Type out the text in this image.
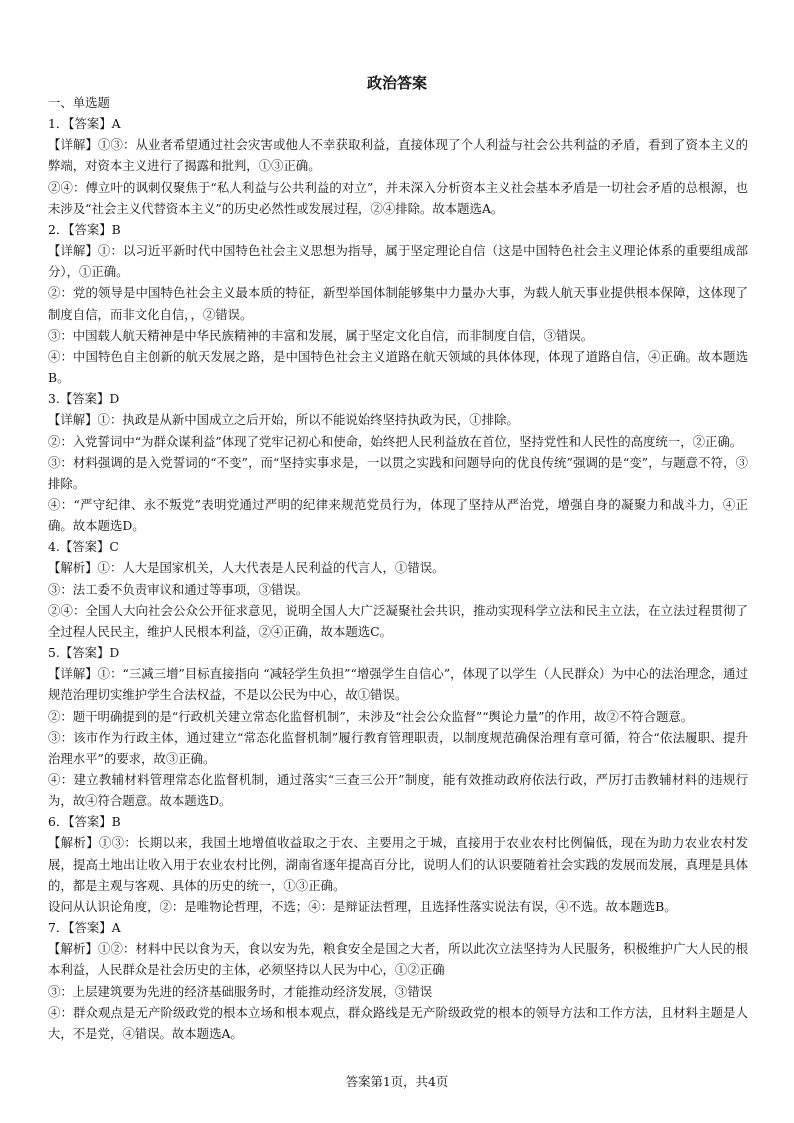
政治答案

一、单选题

1．【答案】A

【详解】①③：从业者希望通过社会灾害或他人不幸获取利益，直接体现了个人利益与社会公共利益的矛盾，看到了资本主义的弊端，对资本主义进行了揭露和批判，①③正确。

②④：傅立叶的讽刺仅聚焦于“私人利益与公共利益的对立”，并未深入分析资本主义社会基本矛盾是一切社会矛盾的总根源，也未涉及“社会主义代替资本主义”的历史必然性或发展过程，②④排除。故本题选A。

2．【答案】B

【详解】①：以习近平新时代中国特色社会主义思想为指导，属于坚定理论自信（这是中国特色社会主义理论体系的重要组成部分），①正确。

②：党的领导是中国特色社会主义最本质的特征，新型举国体制能够集中力量办大事，为载人航天事业提供根本保障，这体现了制度自信，而非文化自信，，②错误。

③：中国载人航天精神是中华民族精神的丰富和发展，属于坚定文化自信，而非制度自信，③错误。

④：中国特色自主创新的航天发展之路，是中国特色社会主义道路在航天领域的具体体现，体现了道路自信，④正确。故本题选B。

3.【答案】D

【详解】①：执政是从新中国成立之后开始，所以不能说始终坚持执政为民，①排除。

②：入党誓词中“为群众谋利益”体现了党牢记初心和使命，始终把人民利益放在首位，坚持党性和人民性的高度统一，②正确。

③：材料强调的是入党誓词的“不变”，而“坚持实事求是，一以贯之实践和问题导向的优良传统”强调的是“变”，与题意不符，③排除。

④：“严守纪律、永不叛党”表明党通过严明的纪律来规范党员行为，体现了坚持从严治党，增强自身的凝聚力和战斗力，④正确。故本题选D。

4.【答案】C

【解析】①：人大是国家机关，人大代表是人民利益的代言人，①错误。

③：法工委不负责审议和通过等事项，③错误。

②④：全国人大向社会公众公开征求意见，说明全国人大广泛凝聚社会共识，推动实现科学立法和民主立法，在立法过程贯彻了全过程人民民主，维护人民根本利益，②④正确，故本题选C。

5.【答案】D

【详解】①：“三减三增”目标直接指向 “减轻学生负担”“增强学生自信心”，体现了以学生（人民群众）为中心的法治理念，通过规范治理切实维护学生合法权益，不是以公民为中心，故①错误。

②：题干明确提到的是“行政机关建立常态化监督机制”，未涉及“社会公众监督”“舆论力量”的作用，故②不符合题意。

③：该市作为行政主体，通过建立“常态化监督机制”履行教育管理职责，以制度规范确保治理有章可循，符合“依法履职、提升治理水平”的要求，故③正确。

④：建立教辅材料管理常态化监督机制，通过落实“三查三公开”制度，能有效推动政府依法行政，严厉打击教辅材料的违规行为，故④符合题意。故本题选D。

6．【答案】B

【解析】①③：长期以来，我国土地增值收益取之于农、主要用之于城，直接用于农业农村比例偏低，现在为助力农业农村发展，提高土地出让收入用于农业农村比例，湖南省逐年提高百分比，说明人们的认识要随着社会实践的发展而发展，真理是具体的，都是主观与客观、具体的历史的统一，①③正确。

设问从认识论角度，②：是唯物论哲理，不选；④：是辩证法哲理，且选择性落实说法有误，④不选。故本题选B。

7．【答案】A

【解析】①②：材料中民以食为天，食以安为先，粮食安全是国之大者，所以此次立法坚持为人民服务，积极维护广大人民的根本利益，人民群众是社会历史的主体，必须坚持以人民为中心，①②正确

③：上层建筑要为先进的经济基础服务时，才能推动经济发展，③错误

④：群众观点是无产阶级政党的根本立场和根本观点，群众路线是无产阶级政党的根本的领导方法和工作方法，且材料主题是人大，不是党，④错误。故本题选A。

答案第1页，共4页
